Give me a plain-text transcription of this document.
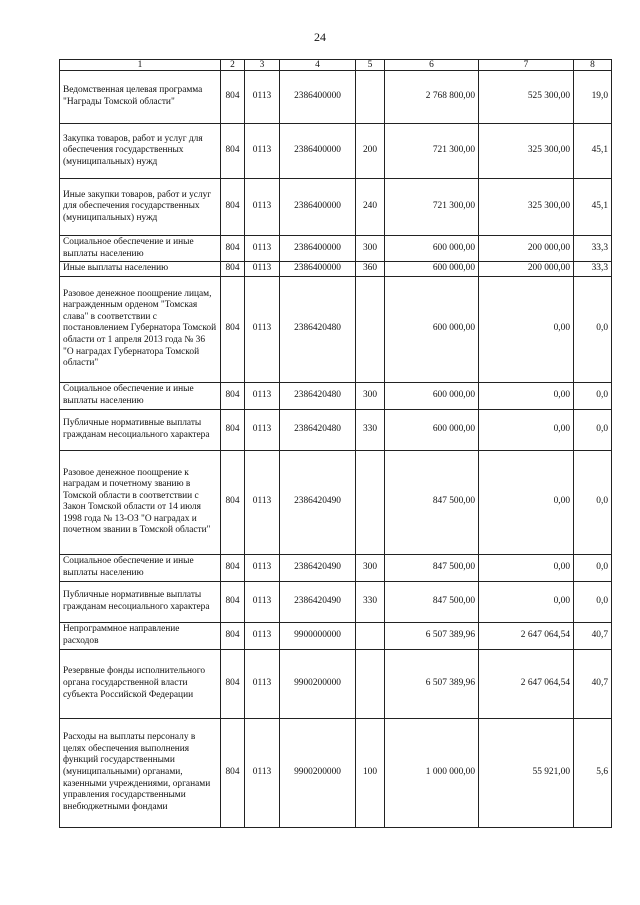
24
1	2	3	4	5	6	7	8
Ведомственная целевая программа "Награды Томской области"	804	0113	2386400000		2 768 800,00	525 300,00	19,0
Закупка товаров, работ и услуг для обеспечения государственных (муниципальных) нужд	804	0113	2386400000	200	721 300,00	325 300,00	45,1
Иные закупки товаров, работ и услуг для обеспечения государственных (муниципальных) нужд	804	0113	2386400000	240	721 300,00	325 300,00	45,1
Социальное обеспечение и иные выплаты населению	804	0113	2386400000	300	600 000,00	200 000,00	33,3
Иные выплаты населению	804	0113	2386400000	360	600 000,00	200 000,00	33,3
Разовое денежное поощрение лицам, награжденным орденом "Томская слава" в соответствии с постановлением Губернатора Томской области от 1 апреля 2013 года № 36 "О наградах Губернатора Томской области"	804	0113	2386420480		600 000,00	0,00	0,0
Социальное обеспечение и иные выплаты населению	804	0113	2386420480	300	600 000,00	0,00	0,0
Публичные нормативные выплаты гражданам несоциального характера	804	0113	2386420480	330	600 000,00	0,00	0,0
Разовое денежное поощрение к наградам и почетному званию в Томской области в соответствии с Закон Томской области от 14 июля 1998 года № 13-ОЗ "О наградах и почетном звании в Томской области"	804	0113	2386420490		847 500,00	0,00	0,0
Социальное обеспечение и иные выплаты населению	804	0113	2386420490	300	847 500,00	0,00	0,0
Публичные нормативные выплаты гражданам несоциального характера	804	0113	2386420490	330	847 500,00	0,00	0,0
Непрограммное направление расходов	804	0113	9900000000		6 507 389,96	2 647 064,54	40,7
Резервные фонды исполнительного органа государственной власти субъекта Российской Федерации	804	0113	9900200000		6 507 389,96	2 647 064,54	40,7
Расходы на выплаты персоналу в целях обеспечения выполнения функций государственными (муниципальными) органами, казенными учреждениями, органами управления государственными внебюджетными фондами	804	0113	9900200000	100	1 000 000,00	55 921,00	5,6
